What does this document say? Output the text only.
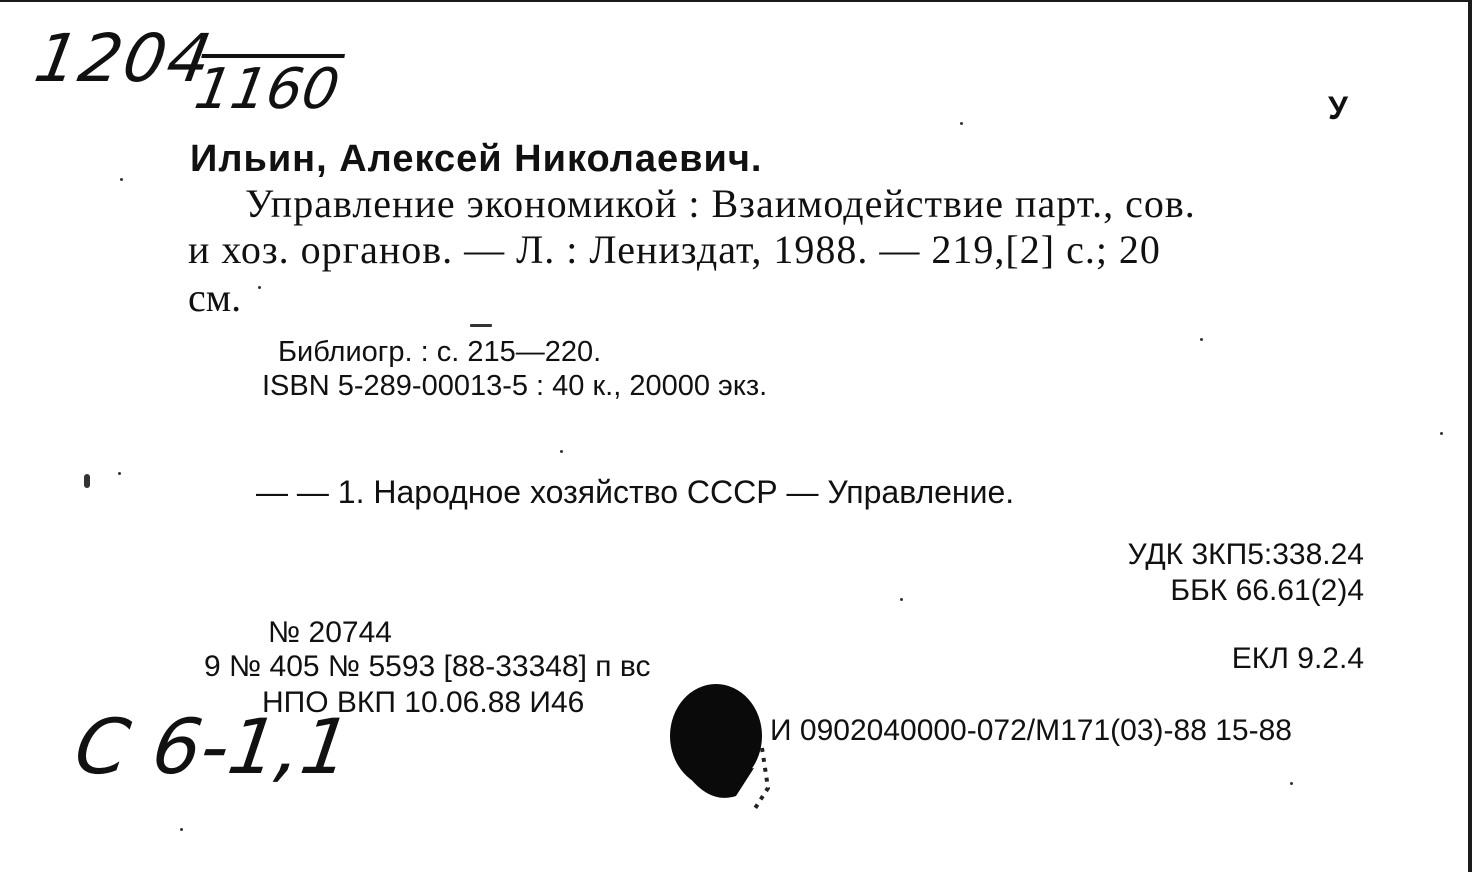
1204
1160	У
Ильин, Алексей Николаевич.
Управление экономикой : Взаимодействие парт., сов.
и хоз. органов. — Л. : Лениздат, 1988. — 219,[2] с.; 20
см.
Библиогр. : с. 215—220.
ISBN 5-289-00013-5 : 40 к., 20000 экз.
— — 1. Народное хозяйство СССР — Управление.
УДК 3КП5:338.24
ББК 66.61(2)4
ЕКЛ 9.2.4
№ 20744
9 № 405 № 5593 [88-33348] п вс
НПО ВКП 10.06.88 И46
И 0902040000-072/М171(03)-88 15-88
С 6-1,1
